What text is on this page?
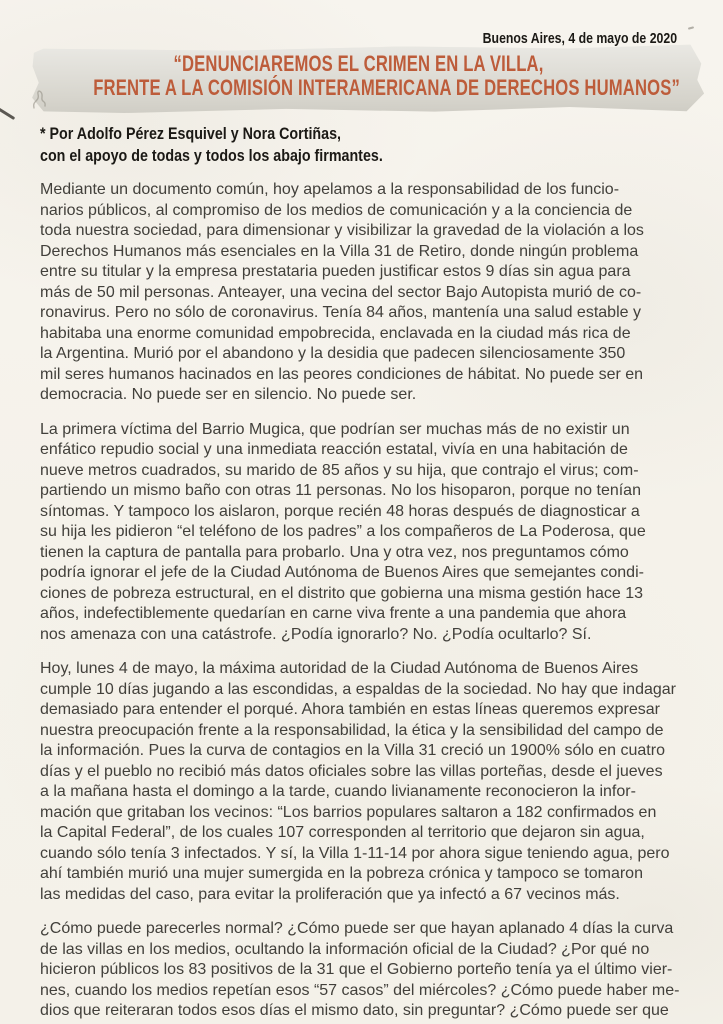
Buenos Aires, 4 de mayo de 2020
“DENUNCIAREMOS EL CRIMEN EN LA VILLA,
FRENTE A LA COMISIÓN INTERAMERICANA DE DERECHOS HUMANOS”
* Por Adolfo Pérez Esquivel y Nora Cortiñas,
con el apoyo de todas y todos los abajo firmantes.
Mediante un documento común, hoy apelamos a la responsabilidad de los funcio-
narios públicos, al compromiso de los medios de comunicación y a la conciencia de
toda nuestra sociedad, para dimensionar y visibilizar la gravedad de la violación a los
Derechos Humanos más esenciales en la Villa 31 de Retiro, donde ningún problema
entre su titular y la empresa prestataria pueden justificar estos 9 días sin agua para
más de 50 mil personas. Anteayer, una vecina del sector Bajo Autopista murió de co-
ronavirus. Pero no sólo de coronavirus. Tenía 84 años, mantenía una salud estable y
habitaba una enorme comunidad empobrecida, enclavada en la ciudad más rica de
la Argentina. Murió por el abandono y la desidia que padecen silenciosamente 350
mil seres humanos hacinados en las peores condiciones de hábitat. No puede ser en
democracia. No puede ser en silencio. No puede ser.
La primera víctima del Barrio Mugica, que podrían ser muchas más de no existir un
enfático repudio social y una inmediata reacción estatal, vivía en una habitación de
nueve metros cuadrados, su marido de 85 años y su hija, que contrajo el virus; com-
partiendo un mismo baño con otras 11 personas. No los hisoparon, porque no tenían
síntomas. Y tampoco los aislaron, porque recién 48 horas después de diagnosticar a
su hija les pidieron “el teléfono de los padres” a los compañeros de La Poderosa, que
tienen la captura de pantalla para probarlo. Una y otra vez, nos preguntamos cómo
podría ignorar el jefe de la Ciudad Autónoma de Buenos Aires que semejantes condi-
ciones de pobreza estructural, en el distrito que gobierna una misma gestión hace 13
años, indefectiblemente quedarían en carne viva frente a una pandemia que ahora
nos amenaza con una catástrofe. ¿Podía ignorarlo? No. ¿Podía ocultarlo? Sí.
Hoy, lunes 4 de mayo, la máxima autoridad de la Ciudad Autónoma de Buenos Aires
cumple 10 días jugando a las escondidas, a espaldas de la sociedad. No hay que indagar
demasiado para entender el porqué. Ahora también en estas líneas queremos expresar
nuestra preocupación frente a la responsabilidad, la ética y la sensibilidad del campo de
la información. Pues la curva de contagios en la Villa 31 creció un 1900% sólo en cuatro
días y el pueblo no recibió más datos oficiales sobre las villas porteñas, desde el jueves
a la mañana hasta el domingo a la tarde, cuando livianamente reconocieron la infor-
mación que gritaban los vecinos: “Los barrios populares saltaron a 182 confirmados en
la Capital Federal”, de los cuales 107 corresponden al territorio que dejaron sin agua,
cuando sólo tenía 3 infectados. Y sí, la Villa 1-11-14 por ahora sigue teniendo agua, pero
ahí también murió una mujer sumergida en la pobreza crónica y tampoco se tomaron
las medidas del caso, para evitar la proliferación que ya infectó a 67 vecinos más.
¿Cómo puede parecerles normal? ¿Cómo puede ser que hayan aplanado 4 días la curva
de las villas en los medios, ocultando la información oficial de la Ciudad? ¿Por qué no
hicieron públicos los 83 positivos de la 31 que el Gobierno porteño tenía ya el último vier-
nes, cuando los medios repetían esos “57 casos” del miércoles? ¿Cómo puede haber me-
dios que reiteraran todos esos días el mismo dato, sin preguntar? ¿Cómo puede ser que
